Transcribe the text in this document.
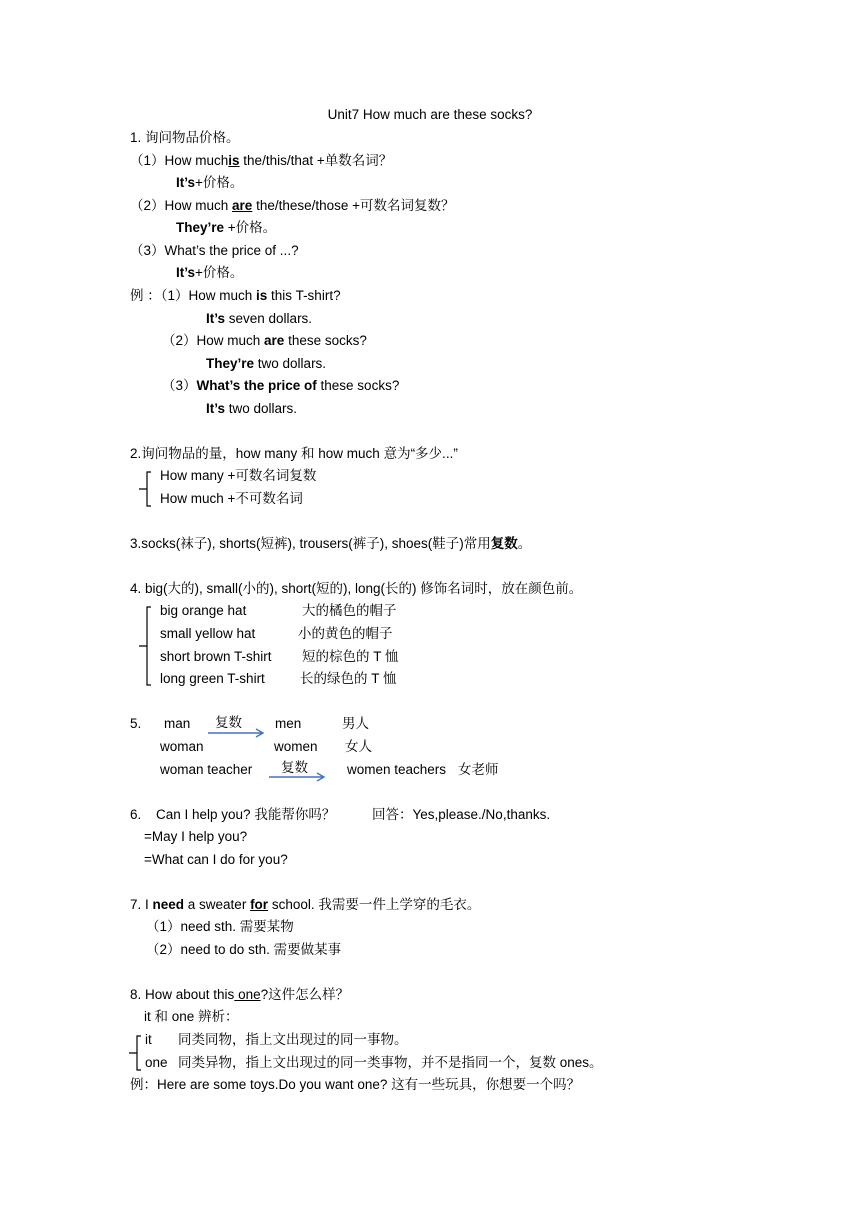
Unit7 How much are these socks?
1. 询问物品价格。
（1）How muchis the/this/that +单数名词？
It’s+价格。
（2）How much are the/these/those +可数名词复数？
They’re +价格。
（3）What’s the price of ...?
It’s+价格。
例 ：（1）How much is this T-shirt?
It’s seven dollars.
（2）How much are these socks?
They’re two dollars.
（3）What’s the price of these socks?
It’s two dollars.
2.询问物品的量，how many 和 how much 意为“多少...”
How many +可数名词复数
How much +不可数名词
3.socks(袜子), shorts(短裤), trousers(裤子), shoes(鞋子)常用复数。
4. big(大的), small(小的), short(短的), long(长的) 修饰名词时，放在颜色前。
big orange hat	大的橘色的帽子
small yellow hat	小的黄色的帽子
short brown T-shirt 短的棕色的 T 恤
long green T-shirt	长的绿色的 T 恤
5. man 复数 men	男人
woman	women 女人
woman teacher 复数	women teachers 女老师
6. Can I help you? 我能帮你吗？	回答：Yes,please./No,thanks.
=May I help you?
=What can I do for you?
7. I need a sweater for school. 我需要一件上学穿的毛衣。
（1）need sth. 需要某物
（2）need to do sth. 需要做某事
8. How about this one?这件怎么样？
it 和 one 辨析：
it 同类同物，指上文出现过的同一事物。
one 同类异物，指上文出现过的同一类事物，并不是指同一个，复数 ones。
例：Here are some toys.Do you want one? 这有一些玩具，你想要一个吗？
